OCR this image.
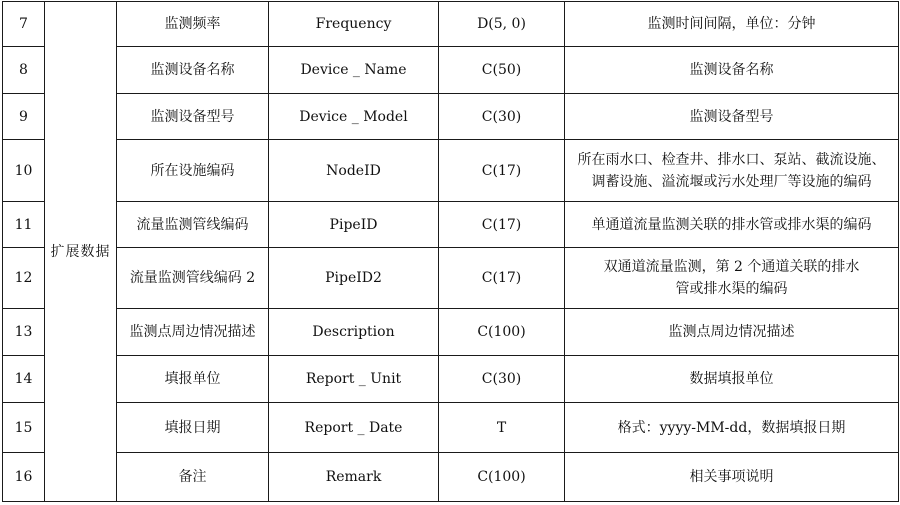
7	扩展数据	监测频率	Frequency	D(5, 0)	监测时间间隔，单位：分钟
8		监测设备名称	Device _ Name	C(50)	监测设备名称
9		监测设备型号	Device _ Model	C(30)	监测设备型号
10		所在设施编码	NodeID	C(17)	所在雨水口、检查井、排水口、泵站、截流设施、
调蓄设施、溢流堰或污水处理厂等设施的编码
11		流量监测管线编码	PipeID	C(17)	单通道流量监测关联的排水管或排水渠的编码
12		流量监测管线编码 2	PipeID2	C(17)	双通道流量监测，第 2 个通道关联的排水
管或排水渠的编码
13		监测点周边情况描述	Description	C(100)	监测点周边情况描述
14		填报单位	Report _ Unit	C(30)	数据填报单位
15		填报日期	Report _ Date	T	格式：yyyy-MM-dd，数据填报日期
16		备注	Remark	C(100)	相关事项说明
